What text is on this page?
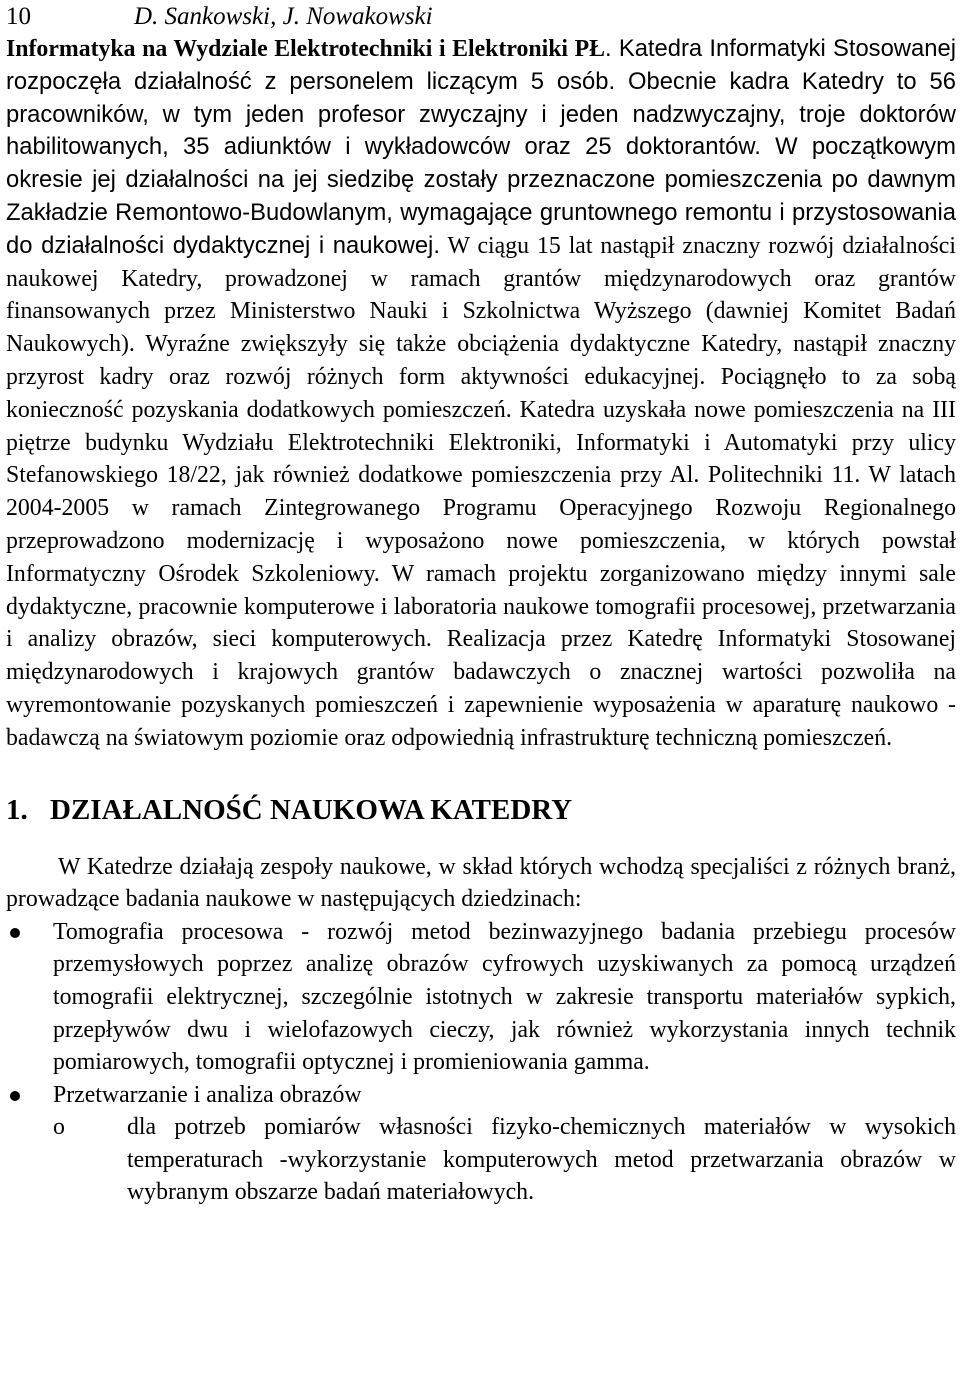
10	D. Sankowski, J. Nowakowski

Informatyka na Wydziale Elektrotechniki i Elektroniki PŁ. Katedra Informatyki Stosowanej rozpoczęła działalność z personelem liczącym 5 osób. Obecnie kadra Katedry to 56 pracowników, w tym jeden profesor zwyczajny i jeden nadzwyczajny, troje doktorów habilitowanych, 35 adiunktów i wykładowców oraz 25 doktorantów. W początkowym okresie jej działalności na jej siedzibę zostały przeznaczone pomieszczenia po dawnym Zakładzie Remontowo-Budowlanym, wymagające gruntownego remontu i przystosowania do działalności dydaktycznej i naukowej. W ciągu 15 lat nastąpił znaczny rozwój działalności naukowej Katedry, prowadzonej w ramach grantów międzynarodowych oraz grantów finansowanych przez Ministerstwo Nauki i Szkolnictwa Wyższego (dawniej Komitet Badań Naukowych). Wyraźne zwiększyły się także obciążenia dydaktyczne Katedry, nastąpił znaczny przyrost kadry oraz rozwój różnych form aktywności edukacyjnej. Pociągnęło to za sobą konieczność pozyskania dodatkowych pomieszczeń. Katedra uzyskała nowe pomieszczenia na III piętrze budynku Wydziału Elektrotechniki Elektroniki, Informatyki i Automatyki przy ulicy Stefanowskiego 18/22, jak również dodatkowe pomieszczenia przy Al. Politechniki 11. W latach 2004-2005 w ramach Zintegrowanego Programu Operacyjnego Rozwoju Regionalnego przeprowadzono modernizację i wyposażono nowe pomieszczenia, w których powstał Informatyczny Ośrodek Szkoleniowy. W ramach projektu zorganizowano między innymi sale dydaktyczne, pracownie komputerowe i laboratoria naukowe tomografii procesowej, przetwarzania i analizy obrazów, sieci komputerowych. Realizacja przez Katedrę Informatyki Stosowanej międzynarodowych i krajowych grantów badawczych o znacznej wartości pozwoliła na wyremontowanie pozyskanych pomieszczeń i zapewnienie wyposażenia w aparaturę naukowo - badawczą na światowym poziomie oraz odpowiednią infrastrukturę techniczną pomieszczeń.

1. DZIAŁALNOŚĆ NAUKOWA KATEDRY

W Katedrze działają zespoły naukowe, w skład których wchodzą specjaliści z różnych branż, prowadzące badania naukowe w następujących dziedzinach:

Tomografia procesowa - rozwój metod bezinwazyjnego badania przebiegu procesów przemysłowych poprzez analizę obrazów cyfrowych uzyskiwanych za pomocą urządzeń tomografii elektrycznej, szczególnie istotnych w zakresie transportu materiałów sypkich, przepływów dwu i wielofazowych cieczy, jak również wykorzystania innych technik pomiarowych, tomografii optycznej i promieniowania gamma.
Przetwarzanie i analiza obrazów
o	dla potrzeb pomiarów własności fizyko-chemicznych materiałów w wysokich temperaturach -wykorzystanie komputerowych metod przetwarzania obrazów w wybranym obszarze badań materiałowych.
